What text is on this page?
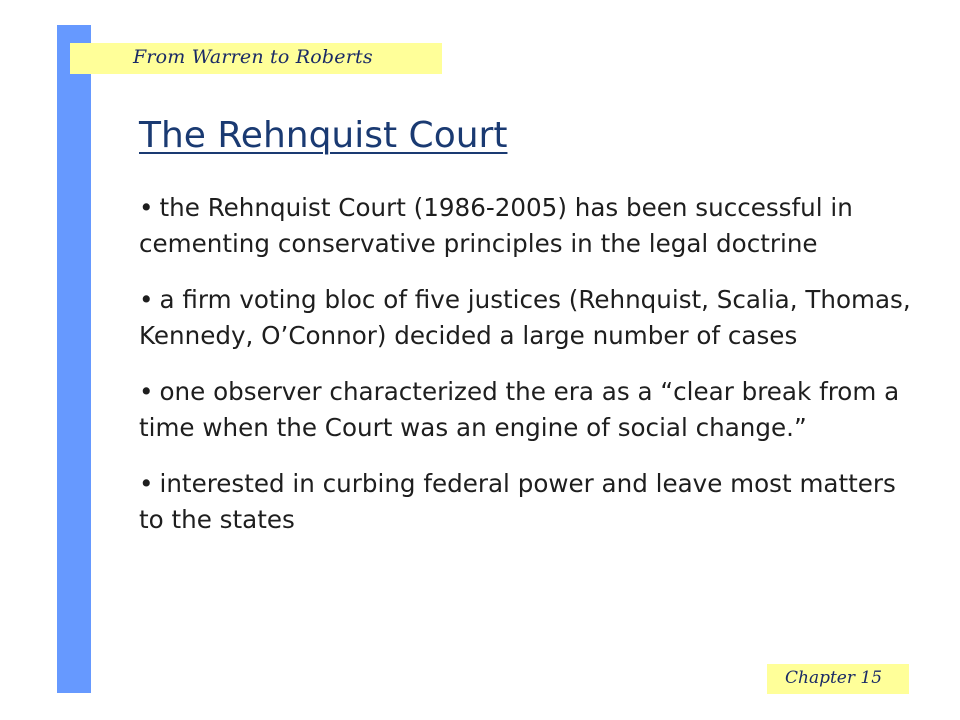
From Warren to Roberts
The Rehnquist Court
• the Rehnquist Court (1986-2005) has been successful in cementing conservative principles in the legal doctrine
• a firm voting bloc of five justices (Rehnquist, Scalia, Thomas, Kennedy, O’Connor) decided a large number of cases
• one observer characterized the era as a “clear break from a time when the Court was an engine of social change.”
• interested in curbing federal power and leave most matters to the states
Chapter 15
